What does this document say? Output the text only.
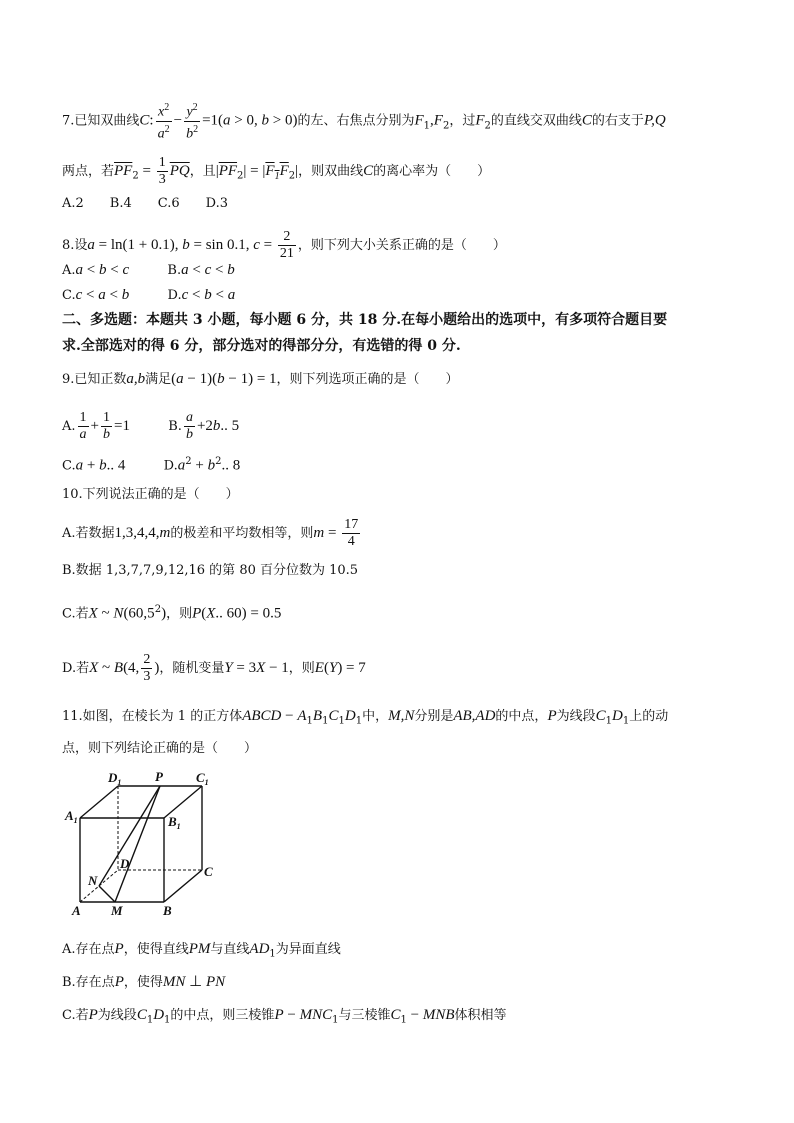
7.已知双曲线C: $\frac{x^2}{a^2} - \frac{y^2}{b^2} =1(a > 0$, b > 0)的左、右焦点分别为$F_1,F_2$，过$F_2$的直线交双曲线C的右支于P,Q
两点，若$\overline{PF}_2 = \frac{1}{3} \overline{PQ}$，且$|\overline{PF}_2| = |F_1F_2|$，则双曲线C的离心率为（　　）
A.2　　B.4　　C.6　　D.3
8.设a = ln(1 + 0.1), b = sin 0.1, $c = \frac{2}{21}$ ，则下列大小关系正确的是（　　）
A.a < b < c	B.a < c < b
C.c < a < b	D.c < b < a
二、多选题：本题共 3 小题，每小题 6 分，共 18 分.在每小题给出的选项中，有多项符合题目要
求.全部选对的得 6 分，部分选对的得部分分，有选错的得 0 分.
9.已知正数a,b满足(a − 1)(b − 1) = 1，则下列选项正确的是（　　）
A. $\frac{1}{a} + \frac{1}{b} =1$	B. $\frac{a}{b} +2b$.. 5
C.a + b.. 4	$D.a^2 + b^2$.. 8
10.下列说法正确的是（　　）
A.若数据1,3,4,4,m的极差和平均数相等，则$m = \frac{17}{4}$
B.数据 1,3,7,7,9,12,16 的第 80 百分位数为 10.5
C.若X ~ N(60,5$^2$)，则P(X.. 60) = 0.5
D.若X ~ B(4, $\frac{2}{3}$ )，随机变量Y = 3X − 1，则E(Y) = 7
11.如图，在棱长为 1 的正方体ABCD − $A_1B_1C_1D_1$中，M,N分别是AB,AD的中点，P为线段$C_1D_1$上的动
点，则下列结论正确的是（　　）
$D_1$	P	$C_1$
$A_1$	$B_1$
D
C
N
A M	B
A.存在点P，使得直线PM与直线$AD_1$为异面直线
B.存在点P，使得MN ⊥ PN
C.若P为线段$C_1D_1$的中点，则三棱锥$P - MNC_1$与三棱锥$C_1$ − MNB体积相等
